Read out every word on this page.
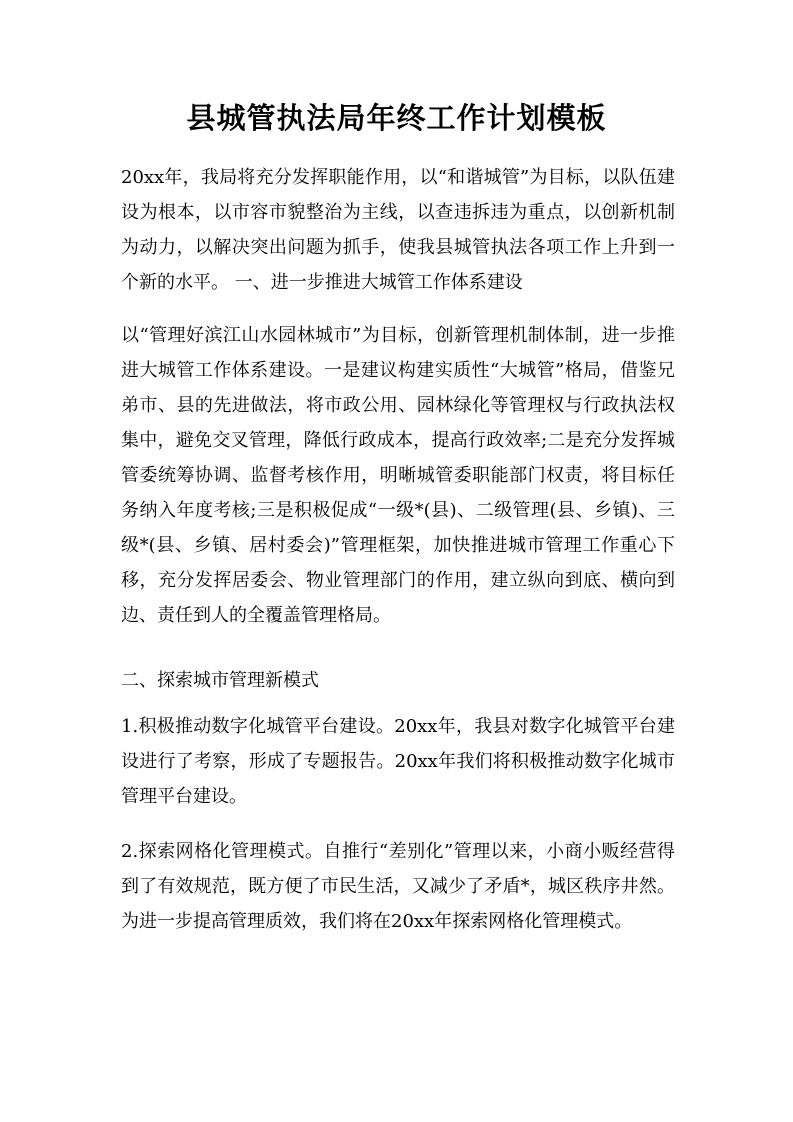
县城管执法局年终工作计划模板

20xx年，我局将充分发挥职能作用，以“和谐城管”为目标，以队伍建设为根本，以市容市貌整治为主线，以查违拆违为重点，以创新机制为动力，以解决突出问题为抓手，使我县城管执法各项工作上升到一个新的水平。 一、进一步推进大城管工作体系建设

以“管理好滨江山水园林城市”为目标，创新管理机制体制，进一步推进大城管工作体系建设。一是建议构建实质性“大城管”格局，借鉴兄弟市、县的先进做法，将市政公用、园林绿化等管理权与行政执法权集中，避免交叉管理，降低行政成本，提高行政效率;二是充分发挥城管委统筹协调、监督考核作用，明晰城管委职能部门权责，将目标任务纳入年度考核;三是积极促成“一级*(县)、二级管理(县、乡镇)、三级*(县、乡镇、居村委会)”管理框架，加快推进城市管理工作重心下移，充分发挥居委会、物业管理部门的作用，建立纵向到底、横向到边、责任到人的全覆盖管理格局。

二、探索城市管理新模式

1.积极推动数字化城管平台建设。20xx年，我县对数字化城管平台建设进行了考察，形成了专题报告。20xx年我们将积极推动数字化城市管理平台建设。

2.探索网格化管理模式。自推行“差别化”管理以来，小商小贩经营得到了有效规范，既方便了市民生活，又减少了矛盾*，城区秩序井然。为进一步提高管理质效，我们将在20xx年探索网格化管理模式。
